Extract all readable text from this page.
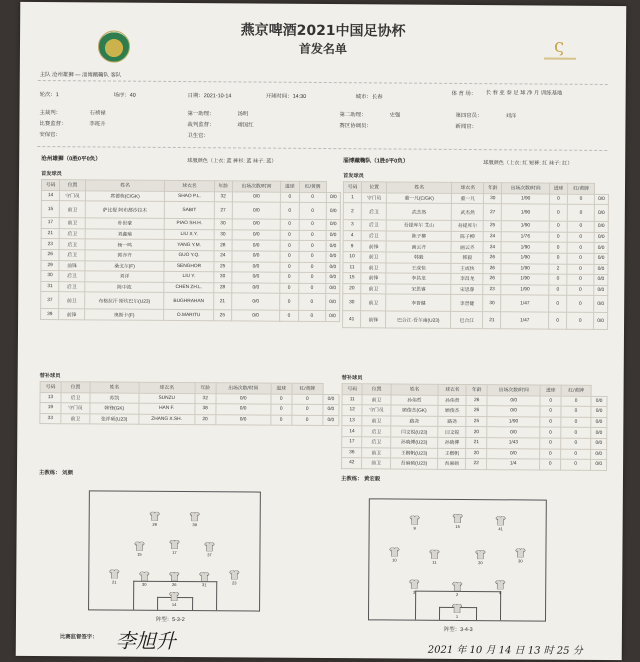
ς
燕京啤酒2021中国足协杯
首发名单
主队 沧州雄狮 — 淄博蹴鞠队 客队
轮次：1	场序：40	日期：2021-10-14	开球时间：14:30	城市：长春
体 育 场： 长 春 亚 泰 足 球 净 月 训练基地
主裁判：	石祯禄	第一助理：	汤明	第二助理：	史强	第四官员：	刘洋
比赛监督：	李班升	裁判监督：	靖国红	赛区协调员：	新闻官：
安保官：	卫生官：
沧州雄狮（0胜0平0负）	球服颜色（上衣: 蓝 裤衫: 蓝 袜子: 蓝）	淄博蹴鞠队（1胜0平0负）	球服颜色（上衣: 红 短裤: 红 袜子: 红）
首发球员	首发球员
号码	位置	姓名	球衣名	年龄	出场次数/时间	进球	红/黄牌	
14	守门员	席德栋(C/GK)	SHAO P.L.	32	0/0	0	0	0/0
15	前卫	萨比提 阿布都沙拉木	SABIT	27	0/0	0	0	0/0
17	前卫	朴世豪	PIAO SH.H.	30	0/0	0	0	0/0
21	后卫	刘鑫瑜	LIU X.Y.	30	0/0	0	0	0/0
23	后卫	杨一鸣	YANG Y.M.	28	0/0	0	0	0/0
26	后卫	郭亦齐	GUO Y.Q.	24	0/0	0	0	0/0
29	前锋	桑戈尔(F)	SENGHOR	25	0/0	0	0	0/0
30	后卫	刘洋	LIU Y.	30	0/0	0	0	0/0
31	后卫	陈中流	CHEN ZH.L.	28	0/0	0	0	0/0
37	前卫	布格拉汗 斯坎巴尔(U23)	BUGHRAHAN	21	0/0	0	0	0/0
39	前锋	奥斯卡(F)	O.MARITU	25	0/0	0	0	0/0
号码	位置	姓名	球衣名	年龄	出场次数/时间	进球	红/黄牌	
1	守门员	董一凡(C/GK)	董一凡	30	1/90	0	0	0/0
2	后卫	武杰然	武杰然	27	1/90	0	0	0/0
3	后卫	吾提库尔 艾山	吾提库尔	25	1/90	0	0	0/0
4	后卫	陈子柳	陈子柳	24	1/76	0	0	0/0
9	前锋	画云齐	画云齐	24	1/90	0	0	0/0
10	前卫	韩毅	韩毅	26	1/90	0	0	0/0
11	前卫	王成快	王成快	26	1/90	2	0	0/0
15	前锋	李昌龙	李昌龙	26	1/90	0	0	0/0
20	前卫	宋思睿	宋思睿	23	1/90	0	0	0/0
30	前卫	李晋健	李晋健	30	1/47	0	0	0/0
41	前锋	巴合江·吾尔南(U23)	巴合江	21	1/47	0	0	0/0
替补球员	替补球员
号码	位置	姓名	球衣名	年龄	出场次数/时间	进球	红/黄牌	
13	后卫	苏凯	SUNZU	32	0/0	0	0	0/0
19	守门员	韩锋(GK)	HAN F.	38	0/0	0	0	0/0
33	前卫	张祥硕(U23)	ZHANG X.SH.	20	0/0	0	0	0/0
号码	位置	姓名	球衣名	年龄	出场次数/时间	进球	红/黄牌	
11	前卫	孙伟哲	孙伟哲	26	0/0	0	0	0/0
12	守门员	顾俊杰(GK)	顾俊杰	26	0/0	0	0	0/0
13	前卫	路尧	路尧	25	1/90	0	0	0/0
14	后卫	闫文锐(U23)	闫文锐	20	0/0	0	0	0/0
17	后卫	孙晓博(U23)	孙晓博	21	1/43	0	0	0/0
36	前卫	王楷帆(U23)	王楷帆	20	0/0	0	0	0/0
42	前卫	吾麻硕(U23)	吾麻硕	22	1/4	0	0	0/0
主教练： 刘颇
主教练： 黄宏毅
14
21	30	26	31	23
15	17	37
29	39
阵型：5-3-2
1
3	2	4
10	11	20	30
9	15	41
阵型：3-4-3
比赛监督签字： 李旭升	2021 年 10 月 14 日 13 时 25 分
